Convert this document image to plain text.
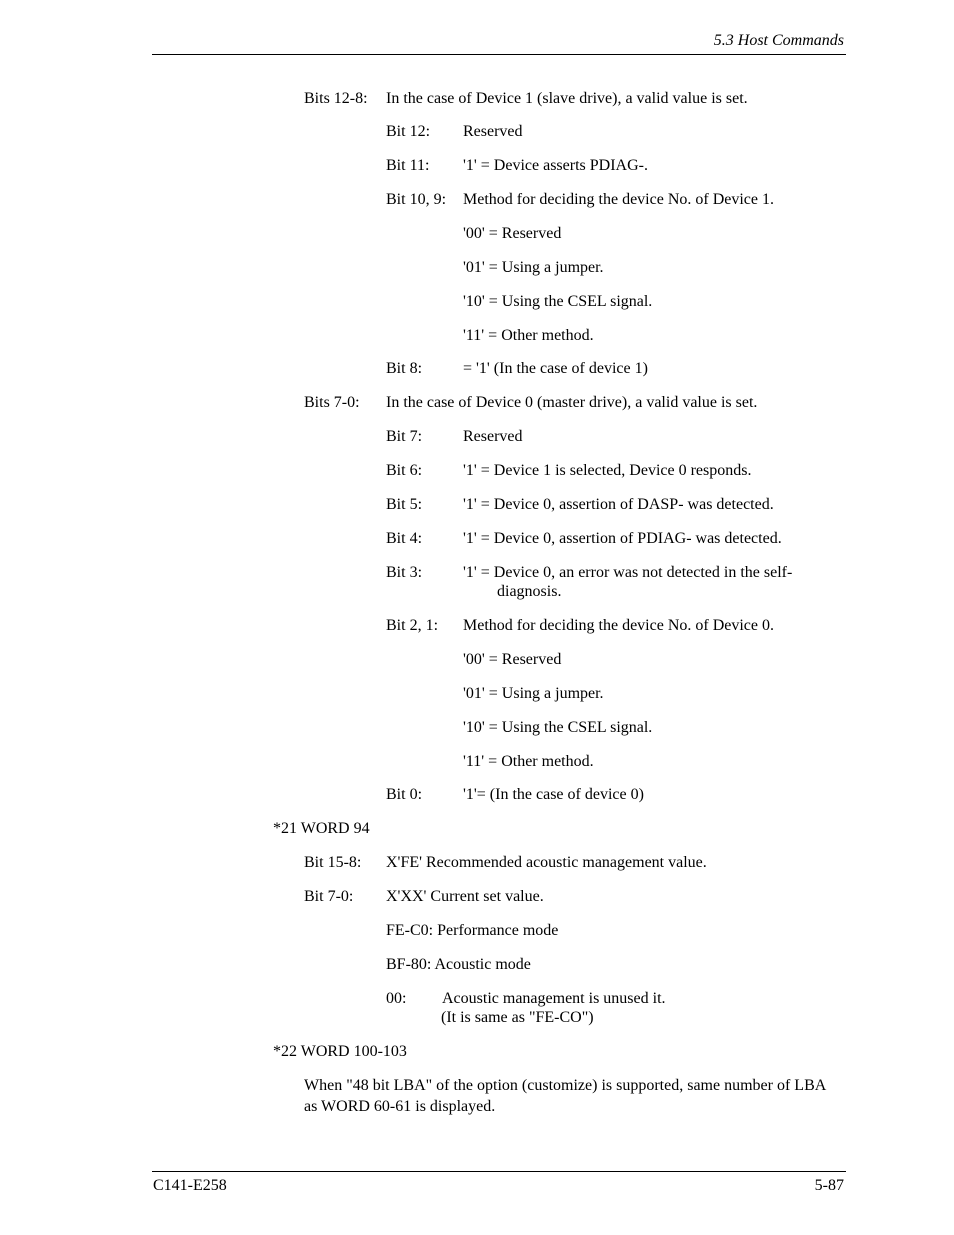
5.3 Host Commands
Bits 12-8: In the case of Device 1 (slave drive), a valid value is set.
Bit 12: Reserved
Bit 11: '1' = Device asserts PDIAG-.
Bit 10, 9: Method for deciding the device No. of Device 1.
'00' = Reserved
'01' = Using a jumper.
'10' = Using the CSEL signal.
'11' = Other method.
Bit 8:	= '1' (In the case of device 1)
Bits 7-0: In the case of Device 0 (master drive), a valid value is set.
Bit 7:	Reserved
Bit 6:	'1' = Device 1 is selected, Device 0 responds.
Bit 5:	'1' = Device 0, assertion of DASP- was detected.
Bit 4:	'1' = Device 0, assertion of PDIAG- was detected.
Bit 3:	'1' = Device 0, an error was not detected in the self-
diagnosis.
Bit 2, 1: Method for deciding the device No. of Device 0.
'00' = Reserved
'01' = Using a jumper.
'10' = Using the CSEL signal.
'11' = Other method.
Bit 0:	'1'= (In the case of device 0)
*21 WORD 94
Bit 15-8: X'FE' Recommended acoustic management value.
Bit 7-0: X'XX' Current set value.
FE-C0: Performance mode
BF-80: Acoustic mode
00: Acoustic management is unused it.
(It is same as "FE-CO")
*22 WORD 100-103
When "48 bit LBA" of the option (customize) is supported, same number of LBA as WORD 60-61 is displayed.
C141-E258	5-87
